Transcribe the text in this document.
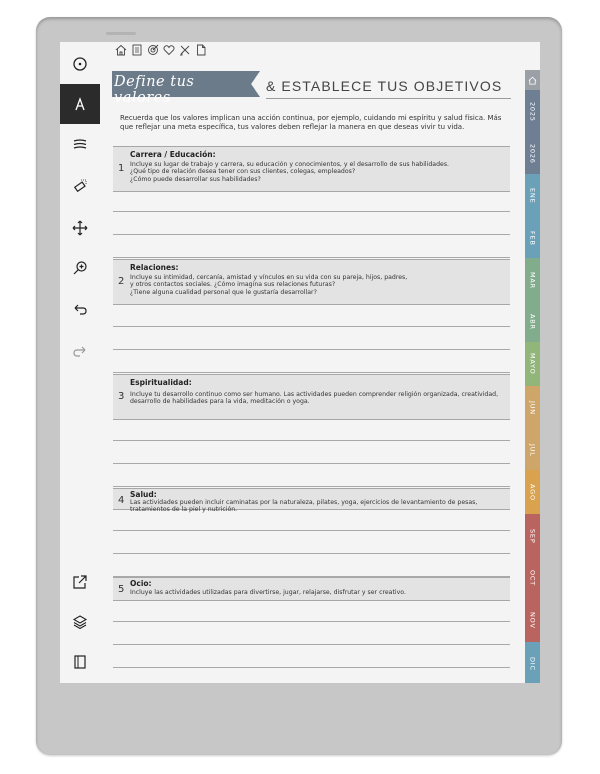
Define tus valores
& ESTABLECE TUS OBJETIVOS
Recuerda que los valores implican una acción continua, por ejemplo, cuidando mi espíritu y salud física. Más que reflejar una meta específica, tus valores deben reflejar la manera en que deseas vivir tu vida.
1
Carrera / Educación:
Incluye su lugar de trabajo y carrera, su educación y conocimientos, y el desarrollo de sus habilidades.
¿Qué tipo de relación desea tener con sus clientes, colegas, empleados?
¿Cómo puede desarrollar sus habilidades?
2
Relaciones:
Incluye su intimidad, cercanía, amistad y vínculos en su vida con su pareja, hijos, padres,
y otros contactos sociales. ¿Cómo imagina sus relaciones futuras?
¿Tiene alguna cualidad personal que le gustaría desarrollar?
3
Espiritualidad:
Incluye tu desarrollo continuo como ser humano. Las actividades pueden comprender religión organizada, creatividad,
desarrollo de habilidades para la vida, meditación o yoga.
4
Salud:
Las actividades pueden incluir caminatas por la naturaleza, pilates, yoga, ejercicios de levantamiento de pesas,
tratamientos de la piel y nutrición.
5
Ocio:
Incluye las actividades utilizadas para divertirse, jugar, relajarse, disfrutar y ser creativo.
2025
2026
ENE
FEB
MAR
ABR
MAYO
JUN
JUL
AGO
SEP
OCT
NOV
DIC
